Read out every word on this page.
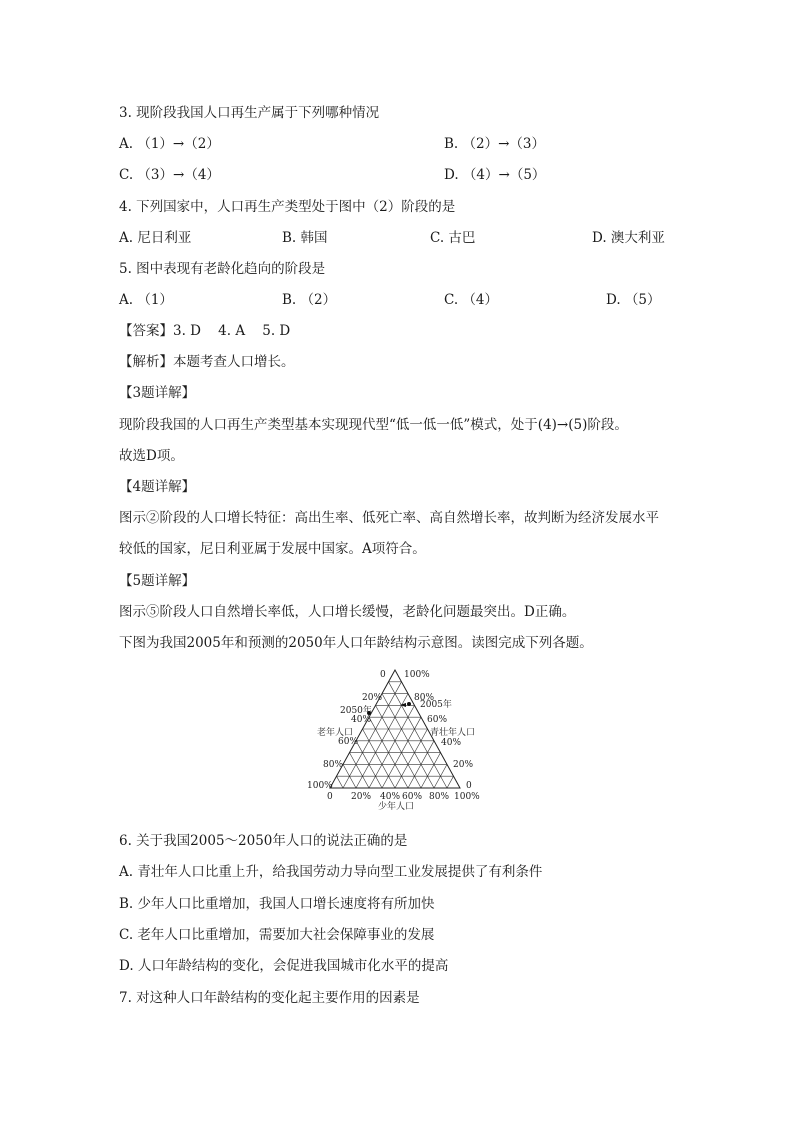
3. 现阶段我国人口再生产属于下列哪种情况
A. （1）→（2）	B. （2）→（3）
C. （3）→（4）	D. （4）→（5）
4. 下列国家中，人口再生产类型处于图中（2）阶段的是
A. 尼日利亚	B. 韩国	C. 古巴	D. 澳大利亚
5. 图中表现有老龄化趋向的阶段是
A. （1）	B. （2）	C. （4）	D. （5）
【答案】3. D    4. A    5. D
【解析】本题考查人口增长。
【3题详解】
现阶段我国的人口再生产类型基本实现现代型“低一低一低”模式，处于(4)→(5)阶段。
故选D项。
【4题详解】
图示②阶段的人口增长特征：高出生率、低死亡率、高自然增长率，故判断为经济发展水平
较低的国家，尼日利亚属于发展中国家。A项符合。
【5题详解】
图示⑤阶段人口自然增长率低，人口增长缓慢，老龄化问题最突出。D正确。
下图为我国2005年和预测的2050年人口年龄结构示意图。读图完成下列各题。
2050年
2005年
老年人口	青壮年人口
少年人口
0
20%
40%
60%
80%
100%
100%
80%
60%
40%
20%
0
0 20% 40% 60% 80% 100%
6. 关于我国2005～2050年人口的说法正确的是
A. 青壮年人口比重上升，给我国劳动力导向型工业发展提供了有利条件
B. 少年人口比重增加，我国人口增长速度将有所加快
C. 老年人口比重增加，需要加大社会保障事业的发展
D. 人口年龄结构的变化，会促进我国城市化水平的提高
7. 对这种人口年龄结构的变化起主要作用的因素是
